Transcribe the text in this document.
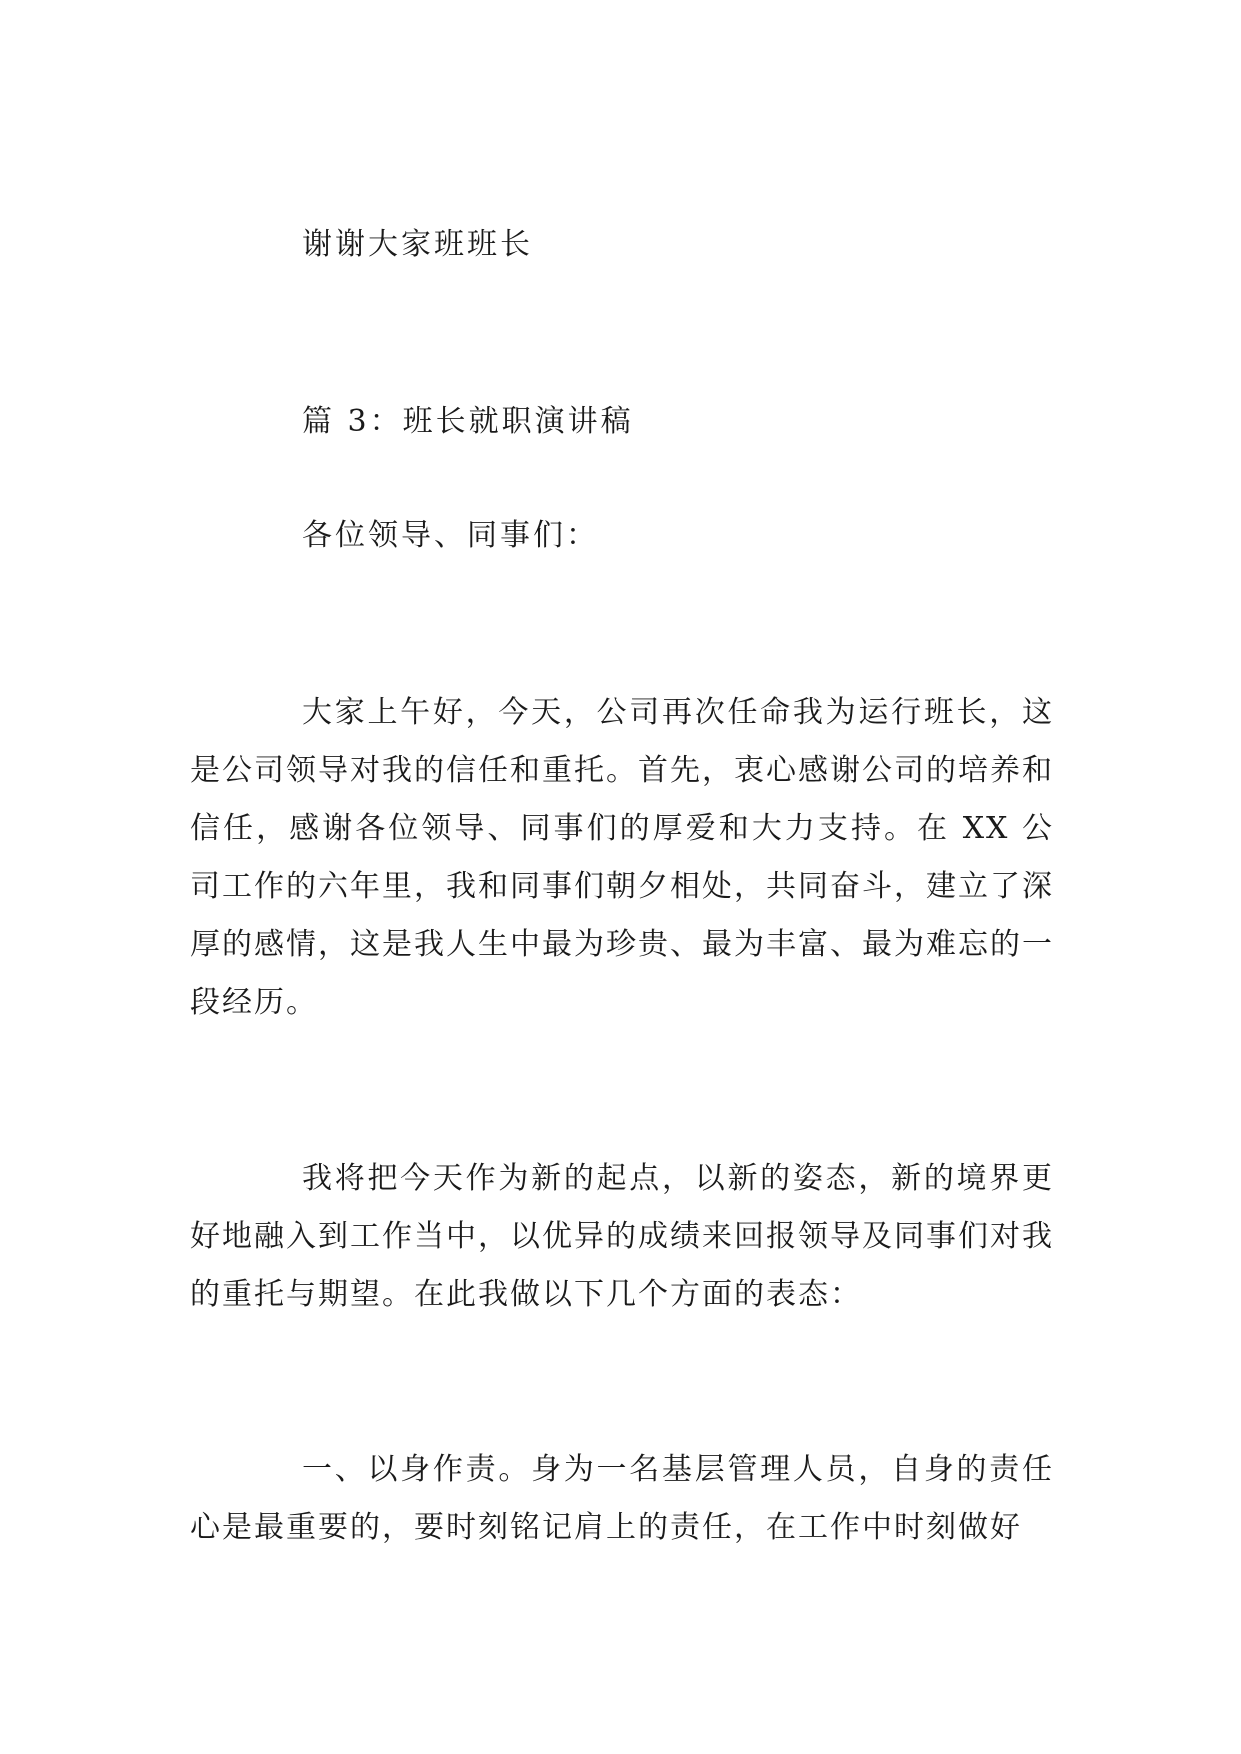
谢谢大家班班长

篇 3：班长就职演讲稿

各位领导、同事们：

大家上午好，今天，公司再次任命我为运行班长，这是公司领导对我的信任和重托。首先，衷心感谢公司的培养和信任，感谢各位领导、同事们的厚爱和大力支持。在 XX 公司工作的六年里，我和同事们朝夕相处，共同奋斗，建立了深厚的感情，这是我人生中最为珍贵、最为丰富、最为难忘的一段经历。

我将把今天作为新的起点，以新的姿态，新的境界更好地融入到工作当中，以优异的成绩来回报领导及同事们对我的重托与期望。在此我做以下几个方面的表态：

一、以身作责。身为一名基层管理人员，自身的责任心是最重要的，要时刻铭记肩上的责任，在工作中时刻做好
